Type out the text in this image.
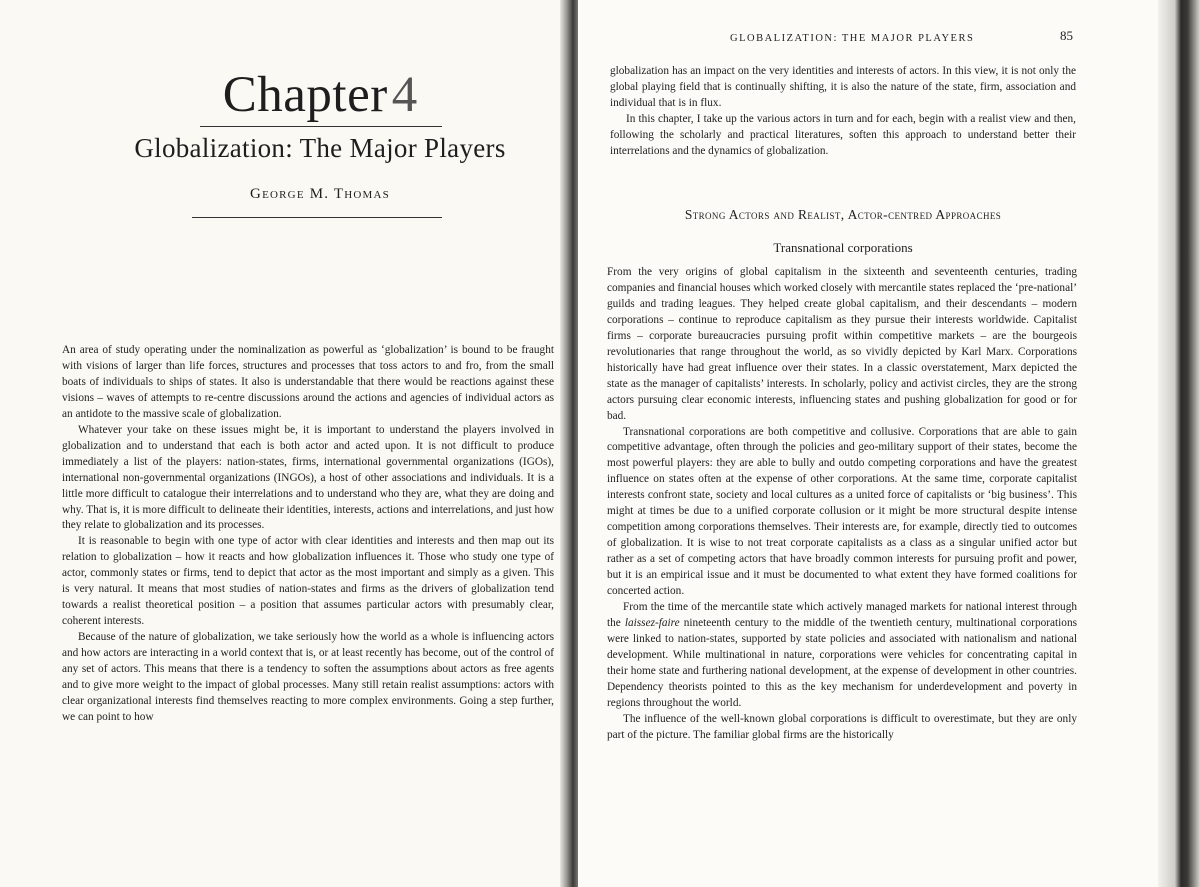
Chapter 4
Globalization: The Major Players
George M. Thomas

An area of study operating under the nominalization as powerful as ‘globalization’ is bound to be fraught with visions of larger than life forces, structures and processes that toss actors to and fro, from the small boats of individuals to ships of states. It also is understandable that there would be reactions against these visions – waves of attempts to re-centre discussions around the actions and agencies of individual actors as an antidote to the massive scale of globalization.

Whatever your take on these issues might be, it is important to understand the players involved in globalization and to understand that each is both actor and acted upon. It is not difficult to produce immediately a list of the players: nation-states, firms, international governmental organizations (IGOs), international non-governmental organizations (INGOs), a host of other associations and individuals. It is a little more difficult to catalogue their interrelations and to understand who they are, what they are doing and why. That is, it is more difficult to delineate their identities, interests, actions and interrelations, and just how they relate to globalization and its processes.

It is reasonable to begin with one type of actor with clear identities and interests and then map out its relation to globalization – how it reacts and how globalization influences it. Those who study one type of actor, commonly states or firms, tend to depict that actor as the most important and simply as a given. This is very natural. It means that most studies of nation-states and firms as the drivers of globalization tend towards a realist theoretical position – a position that assumes particular actors with presumably clear, coherent interests.

Because of the nature of globalization, we take seriously how the world as a whole is influencing actors and how actors are interacting in a world context that is, or at least recently has become, out of the control of any set of actors. This means that there is a tendency to soften the assumptions about actors as free agents and to give more weight to the impact of global processes. Many still retain realist assumptions: actors with clear organizational interests find themselves reacting to more complex environments. Going a step further, we can point to how

GLOBALIZATION: THE MAJOR PLAYERS	85

globalization has an impact on the very identities and interests of actors. In this view, it is not only the global playing field that is continually shifting, it is also the nature of the state, firm, association and individual that is in flux.

In this chapter, I take up the various actors in turn and for each, begin with a realist view and then, following the scholarly and practical literatures, soften this approach to understand better their interrelations and the dynamics of globalization.

Strong Actors and Realist, Actor-centred Approaches
Transnational corporations

From the very origins of global capitalism in the sixteenth and seventeenth centuries, trading companies and financial houses which worked closely with mercantile states replaced the ‘pre-national’ guilds and trading leagues. They helped create global capitalism, and their descendants – modern corporations – continue to reproduce capitalism as they pursue their interests worldwide. Capitalist firms – corporate bureaucracies pursuing profit within competitive markets – are the bourgeois revolutionaries that range throughout the world, as so vividly depicted by Karl Marx. Corporations historically have had great influence over their states. In a classic overstatement, Marx depicted the state as the manager of capitalists’ interests. In scholarly, policy and activist circles, they are the strong actors pursuing clear economic interests, influencing states and pushing globalization for good or for bad.

Transnational corporations are both competitive and collusive. Corporations that are able to gain competitive advantage, often through the policies and geo-military support of their states, become the most powerful players: they are able to bully and outdo competing corporations and have the greatest influence on states often at the expense of other corporations. At the same time, corporate capitalist interests confront state, society and local cultures as a united force of capitalists or ‘big business’. This might at times be due to a unified corporate collusion or it might be more structural despite intense competition among corporations themselves. Their interests are, for example, directly tied to outcomes of globalization. It is wise to not treat corporate capitalists as a class as a singular unified actor but rather as a set of competing actors that have broadly common interests for pursuing profit and power, but it is an empirical issue and it must be documented to what extent they have formed coalitions for concerted action.

From the time of the mercantile state which actively managed markets for national interest through the laissez-faire nineteenth century to the middle of the twentieth century, multinational corporations were linked to nation-states, supported by state policies and associated with nationalism and national development. While multinational in nature, corporations were vehicles for concentrating capital in their home state and furthering national development, at the expense of development in other countries. Dependency theorists pointed to this as the key mechanism for underdevelopment and poverty in regions throughout the world.

The influence of the well-known global corporations is difficult to overestimate, but they are only part of the picture. The familiar global firms are the historically
